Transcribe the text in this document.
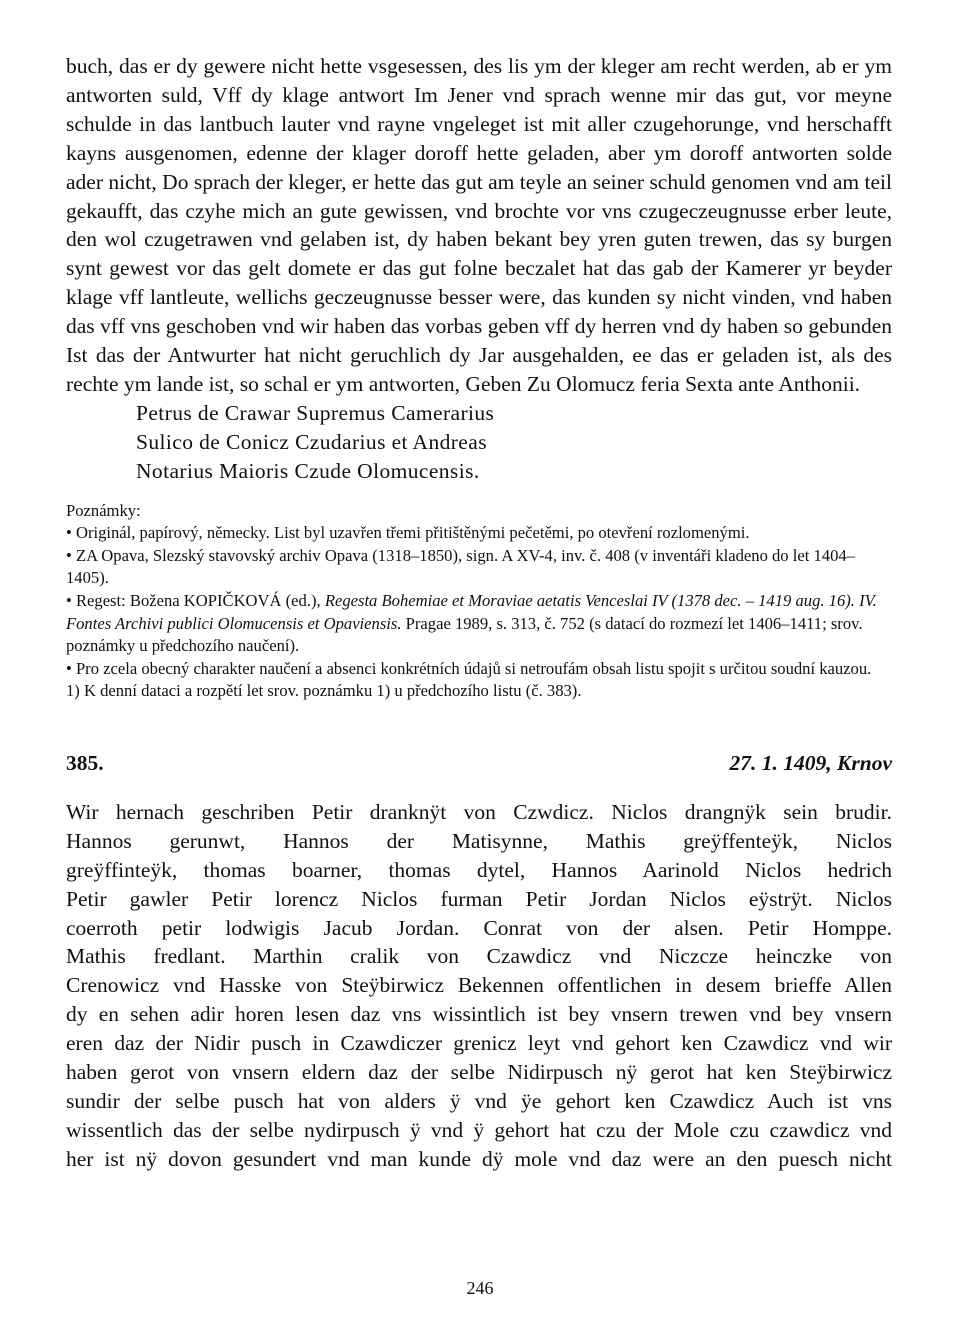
buch, das er dy gewere nicht hette vsgesessen, des lis ym der kleger am recht werden, ab er ym antworten suld, Vff dy klage antwort Im Jener vnd sprach wenne mir das gut, vor meyne schulde in das lantbuch lauter vnd rayne vngeleget ist mit aller czugehorunge, vnd herschafft kayns ausgenomen, edenne der klager doroff hette geladen, aber ym doroff antworten solde ader nicht, Do sprach der kleger, er hette das gut am teyle an seiner schuld genomen vnd am teil gekaufft, das czyhe mich an gute gewissen, vnd brochte vor vns czugeczeugnusse erber leute, den wol czugetrawen vnd gelaben ist, dy haben bekant bey yren guten trewen, das sy burgen synt gewest vor das gelt domete er das gut folne beczalet hat das gab der Kamerer yr beyder klage vff lantleute, wellichs geczeugnusse besser were, das kunden sy nicht vinden, vnd haben das vff vns geschoben vnd wir haben das vorbas geben vff dy herren vnd dy haben so gebunden Ist das der Antwurter hat nicht geruchlich dy Jar ausgehalden, ee das er geladen ist, als des rechte ym lande ist, so schal er ym antworten, Geben Zu Olomucz feria Sexta ante Anthonii.

Petrus de Crawar Supremus Camerarius
Sulico de Conicz Czudarius et Andreas
Notarius Maioris Czude Olomucensis.

Poznámky:

• Originál, papírový, německy. List byl uzavřen třemi přitištěnými pečetěmi, po otevření rozlomenými.

• ZA Opava, Slezský stavovský archiv Opava (1318–1850), sign. A XV-4, inv. č. 408 (v inventáři kladeno do let 1404–1405).

• Regest: Božena KOPIČKOVÁ (ed.), Regesta Bohemiae et Moraviae aetatis Venceslai IV (1378 dec. – 1419 aug. 16). IV. Fontes Archivi publici Olomucensis et Opaviensis. Pragae 1989, s. 313, č. 752 (s datací do rozmezí let 1406–1411; srov. poznámky u předchozího naučení).

• Pro zcela obecný charakter naučení a absenci konkrétních údajů si netroufám obsah listu spojit s určitou soudní kauzou.

1) K denní dataci a rozpětí let srov. poznámku 1) u předchozího listu (č. 383).

385.	27. 1. 1409, Krnov
Wir hernach geschriben Petir dranknÿt von Czwdicz. Niclos drangnÿk sein brudir.
Hannos gerunwt, Hannos der Matisynne, Mathis greÿffenteÿk, Niclos
greÿffinteÿk, thomas boarner, thomas dytel, Hannos Aarinold Niclos hedrich
Petir gawler Petir lorencz Niclos furman Petir Jordan Niclos eÿstrÿt. Niclos
coerroth petir lodwigis Jacub Jordan. Conrat von der alsen. Petir Homppe.
Mathis fredlant. Marthin cralik von Czawdicz vnd Niczcze heinczke von
Crenowicz vnd Hasske von Steÿbirwicz Bekennen offentlichen in desem brieffe Allen
dy en sehen adir horen lesen daz vns wissintlich ist bey vnsern trewen vnd bey vnsern
eren daz der Nidir pusch in Czawdiczer grenicz leyt vnd gehort ken Czawdicz vnd wir
haben gerot von vnsern eldern daz der selbe Nidirpusch nÿ gerot hat ken Steÿbirwicz
sundir der selbe pusch hat von alders ÿ vnd ÿe gehort ken Czawdicz Auch ist vns
wissentlich das der selbe nydirpusch ÿ vnd ÿ gehort hat czu der Mole czu czawdicz vnd
her ist nÿ dovon gesundert vnd man kunde dÿ mole vnd daz were an den puesch nicht
246
